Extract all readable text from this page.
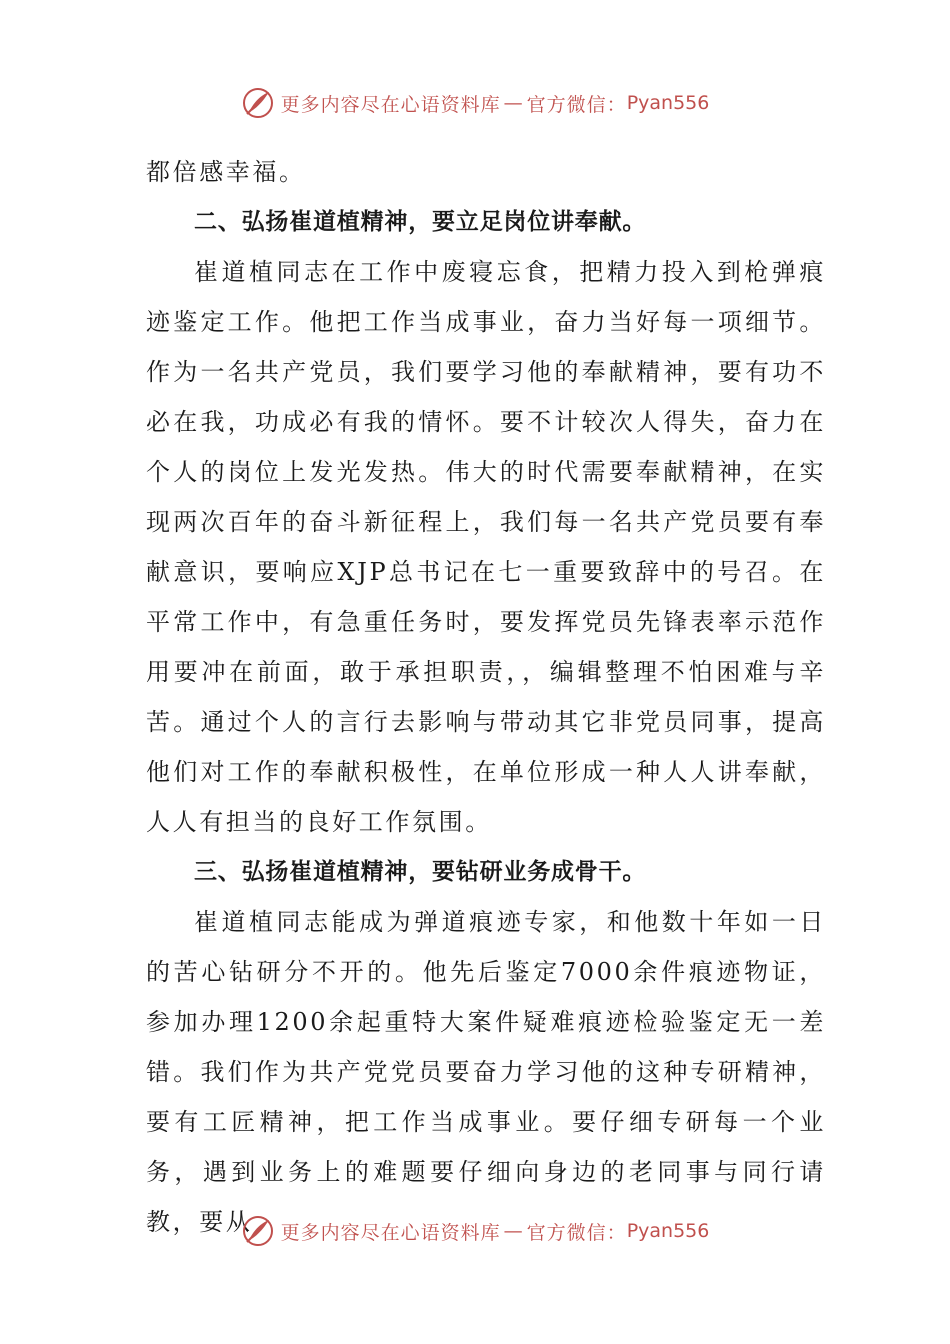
更多内容尽在心语资料库 — 官方微信： Pyan556

都倍感幸福。

二、弘扬崔道植精神，要立足岗位讲奉献。

崔道植同志在工作中废寝忘食，把精力投入到枪弹痕迹鉴定工作。他把工作当成事业，奋力当好每一项细节。作为一名共产党员，我们要学习他的奉献精神，要有功不必在我，功成必有我的情怀。要不计较次人得失，奋力在个人的岗位上发光发热。伟大的时代需要奉献精神，在实现两次百年的奋斗新征程上，我们每一名共产党员要有奉献意识，要响应XJP总书记在七一重要致辞中的号召。在平常工作中，有急重任务时，要发挥党员先锋表率示范作用要冲在前面，敢于承担职责，，编辑整理不怕困难与辛苦。通过个人的言行去影响与带动其它非党员同事，提高他们对工作的奉献积极性，在单位形成一种人人讲奉献，人人有担当的良好工作氛围。

三、弘扬崔道植精神，要钻研业务成骨干。

崔道植同志能成为弹道痕迹专家，和他数十年如一日的苦心钻研分不开的。他先后鉴定7000余件痕迹物证，参加办理1200余起重特大案件疑难痕迹检验鉴定无一差错。我们作为共产党党员要奋力学习他的这种专研精神，要有工匠精神，把工作当成事业。要仔细专研每一个业务，遇到业务上的难题要仔细向身边的老同事与同行请教，要从	更多内容尽在心语资料库 — 官方微信： Pyan556
